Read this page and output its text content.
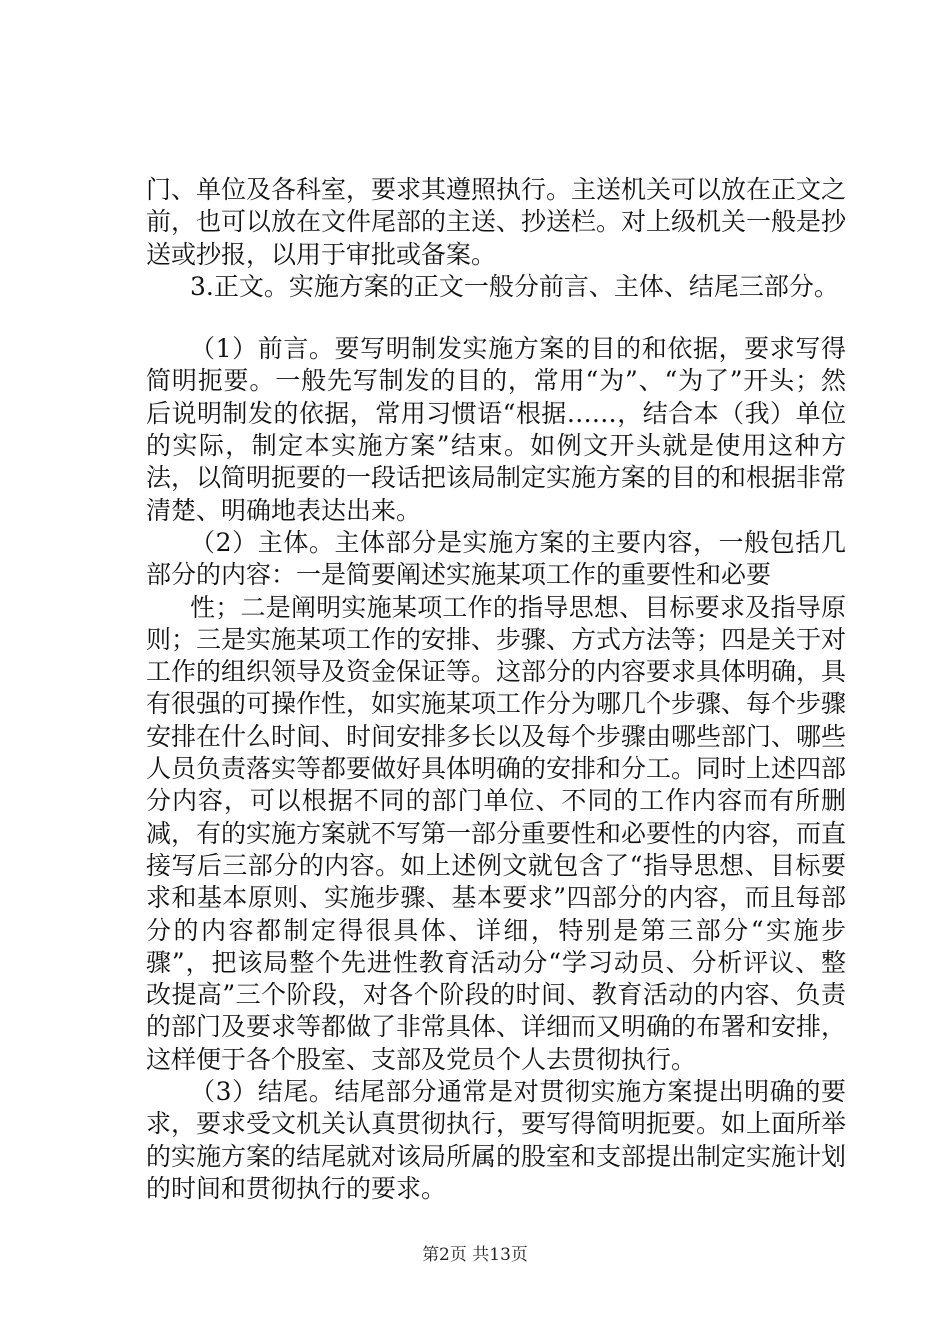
门、单位及各科室，要求其遵照执行。主送机关可以放在正文之前，也可以放在文件尾部的主送、抄送栏。对上级机关一般是抄送或抄报，以用于审批或备案。

3.正文。实施方案的正文一般分前言、主体、结尾三部分。

（1）前言。要写明制发实施方案的目的和依据，要求写得简明扼要。一般先写制发的目的，常用“为”、“为了”开头；然后说明制发的依据，常用习惯语“根据……，结合本（我）单位的实际，制定本实施方案”结束。如例文开头就是使用这种方法，以简明扼要的一段话把该局制定实施方案的目的和根据非常清楚、明确地表达出来。

（2）主体。主体部分是实施方案的主要内容，一般包括几部分的内容：一是简要阐述实施某项工作的重要性和必要

性；二是阐明实施某项工作的指导思想、目标要求及指导原则；三是实施某项工作的安排、步骤、方式方法等；四是关于对工作的组织领导及资金保证等。这部分的内容要求具体明确，具有很强的可操作性，如实施某项工作分为哪几个步骤、每个步骤安排在什么时间、时间安排多长以及每个步骤由哪些部门、哪些人员负责落实等都要做好具体明确的安排和分工。同时上述四部分内容，可以根据不同的部门单位、不同的工作内容而有所删减，有的实施方案就不写第一部分重要性和必要性的内容，而直接写后三部分的内容。如上述例文就包含了“指导思想、目标要求和基本原则、实施步骤、基本要求”四部分的内容，而且每部分的内容都制定得很具体、详细，特别是第三部分“实施步骤”，把该局整个先进性教育活动分“学习动员、分析评议、整改提高”三个阶段，对各个阶段的时间、教育活动的内容、负责的部门及要求等都做了非常具体、详细而又明确的布署和安排，这样便于各个股室、支部及党员个人去贯彻执行。

（3）结尾。结尾部分通常是对贯彻实施方案提出明确的要求，要求受文机关认真贯彻执行，要写得简明扼要。如上面所举的实施方案的结尾就对该局所属的股室和支部提出制定实施计划的时间和贯彻执行的要求。

第2页 共13页
